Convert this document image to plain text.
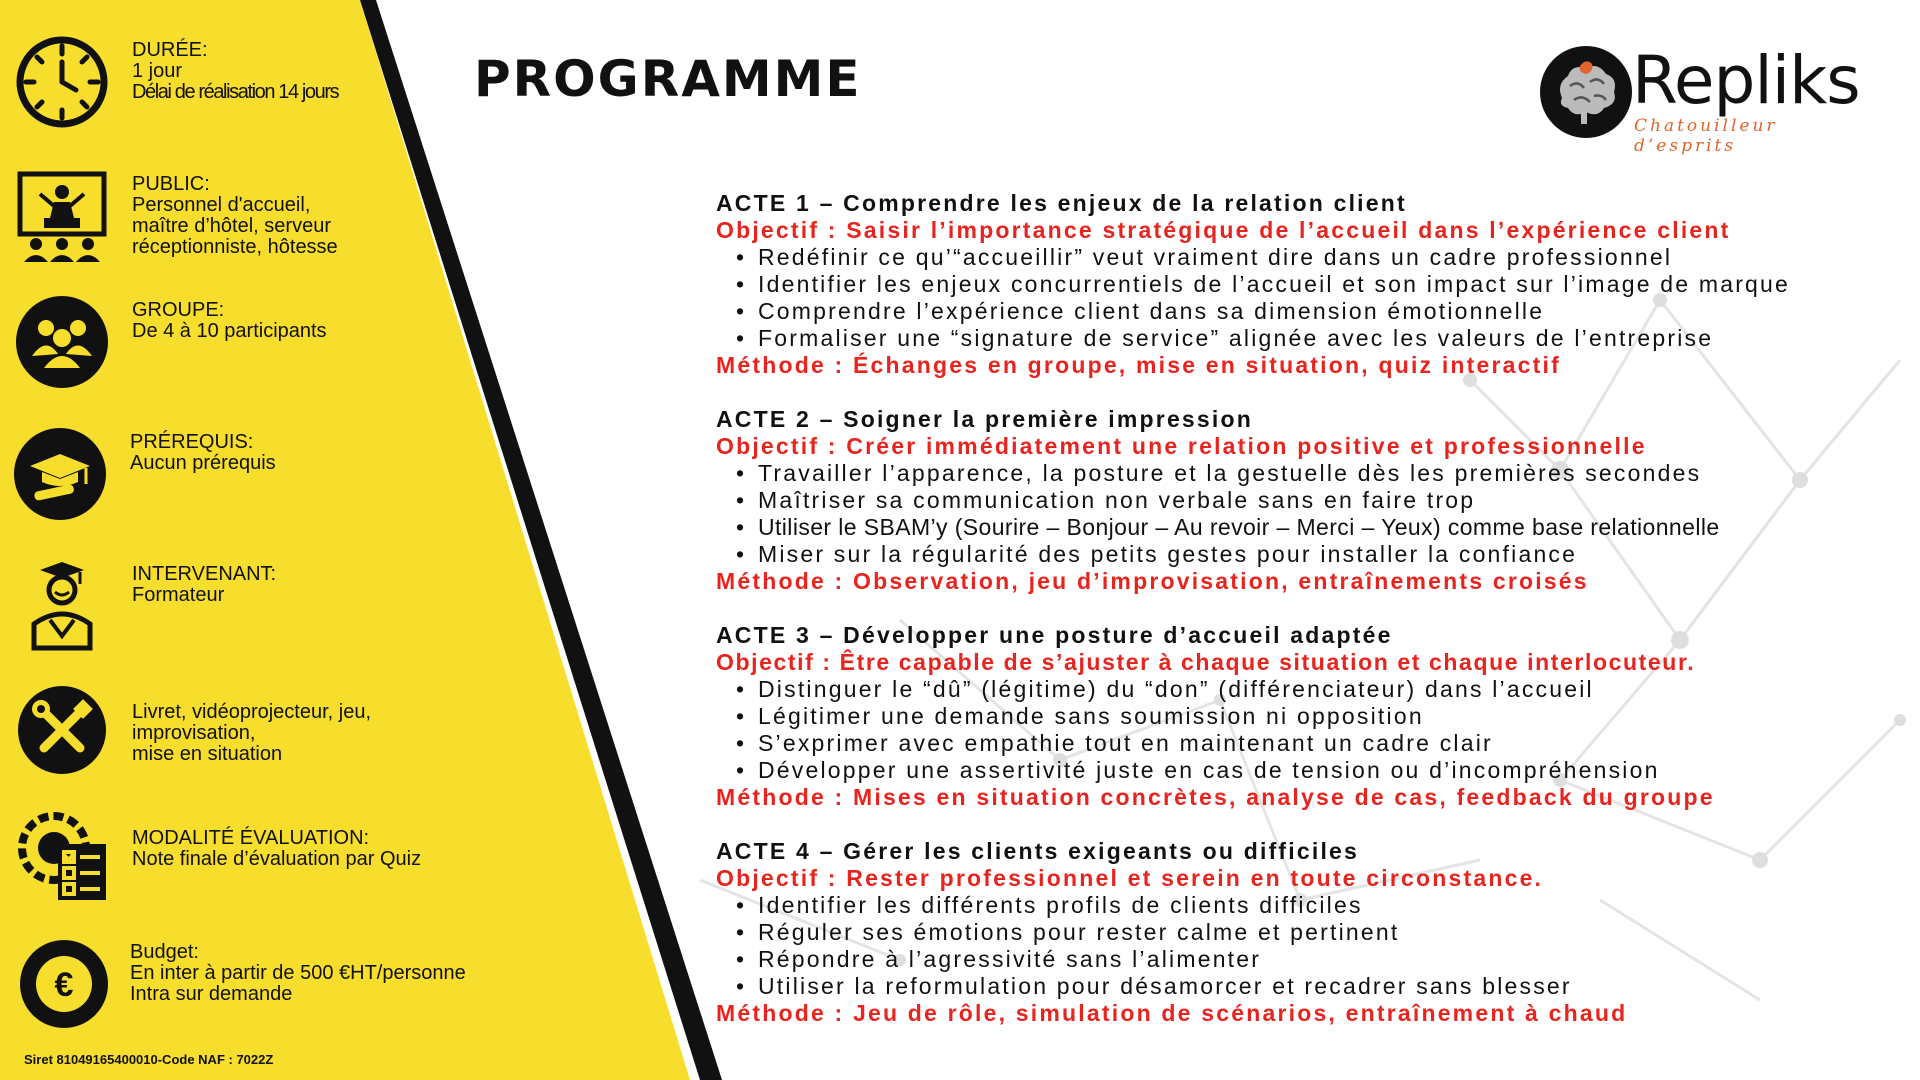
DURÉE:
1 jour
Délai de réalisation 14 jours
PUBLIC:
Personnel d'accueil,
maître d’hôtel, serveur
réceptionniste, hôtesse
GROUPE:
De 4 à 10 participants
PRÉREQUIS:
Aucun prérequis
INTERVENANT:
Formateur
Livret, vidéoprojecteur, jeu,
improvisation,
mise en situation
MODALITÉ ÉVALUATION:
Note finale d’évaluation par Quiz
€
Budget:
En inter à partir de 500 €HT/personne
Intra sur demande
Siret 81049165400010-Code NAF : 7022Z
PROGRAMME	Repliks
Chatouilleur d’esprits
ACTE 1 – Comprendre les enjeux de la relation client
Objectif : Saisir l’importance stratégique de l’accueil dans l’expérience client
• Redéfinir ce qu’“accueillir” veut vraiment dire dans un cadre professionnel
• Identifier les enjeux concurrentiels de l’accueil et son impact sur l’image de marque
• Comprendre l’expérience client dans sa dimension émotionnelle
• Formaliser une “signature de service” alignée avec les valeurs de l’entreprise
Méthode : Échanges en groupe, mise en situation, quiz interactif
ACTE 2 – Soigner la première impression
Objectif : Créer immédiatement une relation positive et professionnelle
• Travailler l’apparence, la posture et la gestuelle dès les premières secondes
• Maîtriser sa communication non verbale sans en faire trop
• Utiliser le SBAM’y (Sourire – Bonjour – Au revoir – Merci – Yeux) comme base relationnelle
• Miser sur la régularité des petits gestes pour installer la confiance
Méthode : Observation, jeu d’improvisation, entraînements croisés
ACTE 3 – Développer une posture d’accueil adaptée
Objectif : Être capable de s’ajuster à chaque situation et chaque interlocuteur.
• Distinguer le “dû” (légitime) du “don” (différenciateur) dans l’accueil
• Légitimer une demande sans soumission ni opposition
• S’exprimer avec empathie tout en maintenant un cadre clair
• Développer une assertivité juste en cas de tension ou d’incompréhension
Méthode : Mises en situation concrètes, analyse de cas, feedback du groupe
ACTE 4 – Gérer les clients exigeants ou difficiles
Objectif : Rester professionnel et serein en toute circonstance.
• Identifier les différents profils de clients difficiles
• Réguler ses émotions pour rester calme et pertinent
• Répondre à l’agressivité sans l’alimenter
• Utiliser la reformulation pour désamorcer et recadrer sans blesser
Méthode : Jeu de rôle, simulation de scénarios, entraînement à chaud
